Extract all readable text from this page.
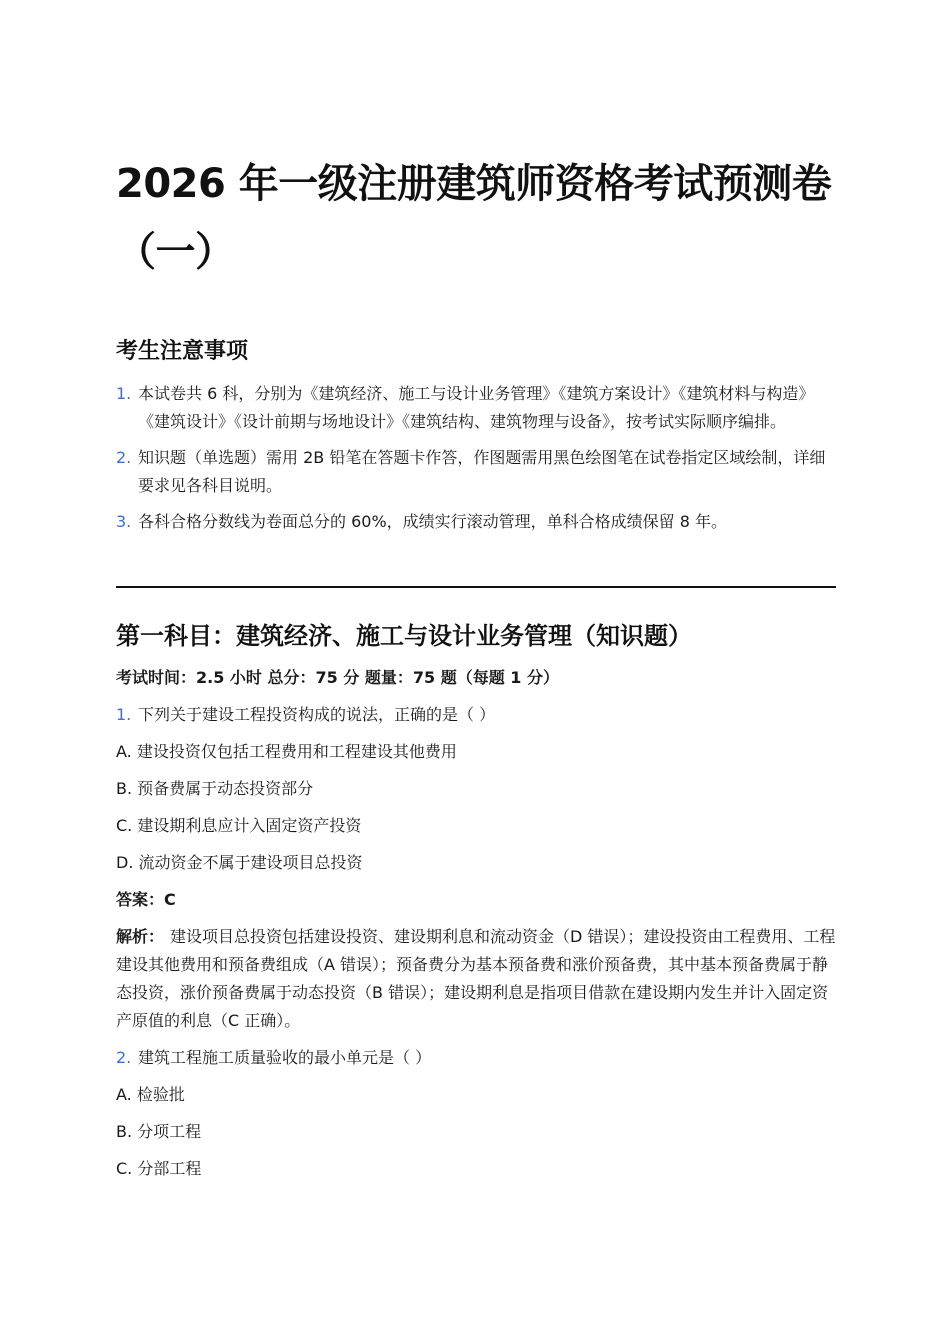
2026 年一级注册建筑师资格考试预测卷（一）
考生注意事项
1. 本试卷共 6 科，分别为《建筑经济、施工与设计业务管理》《建筑方案设计》《建筑材料与构造》《建筑设计》《设计前期与场地设计》《建筑结构、建筑物理与设备》，按考试实际顺序编排。
2. 知识题（单选题）需用 2B 铅笔在答题卡作答，作图题需用黑色绘图笔在试卷指定区域绘制，详细要求见各科目说明。
3. 各科合格分数线为卷面总分的 60%，成绩实行滚动管理，单科合格成绩保留 8 年。
第一科目：建筑经济、施工与设计业务管理（知识题）
考试时间：2.5 小时 总分：75 分 题量：75 题（每题 1 分）
1. 下列关于建设工程投资构成的说法，正确的是（ ）
A. 建设投资仅包括工程费用和工程建设其他费用
B. 预备费属于动态投资部分
C. 建设期利息应计入固定资产投资
D. 流动资金不属于建设项目总投资
答案：C
解析： 建设项目总投资包括建设投资、建设期利息和流动资金（D 错误）；建设投资由工程费用、工程建设其他费用和预备费组成（A 错误）；预备费分为基本预备费和涨价预备费，其中基本预备费属于静态投资，涨价预备费属于动态投资（B 错误）；建设期利息是指项目借款在建设期内发生并计入固定资产原值的利息（C 正确）。
2. 建筑工程施工质量验收的最小单元是（ ）
A. 检验批
B. 分项工程
C. 分部工程
